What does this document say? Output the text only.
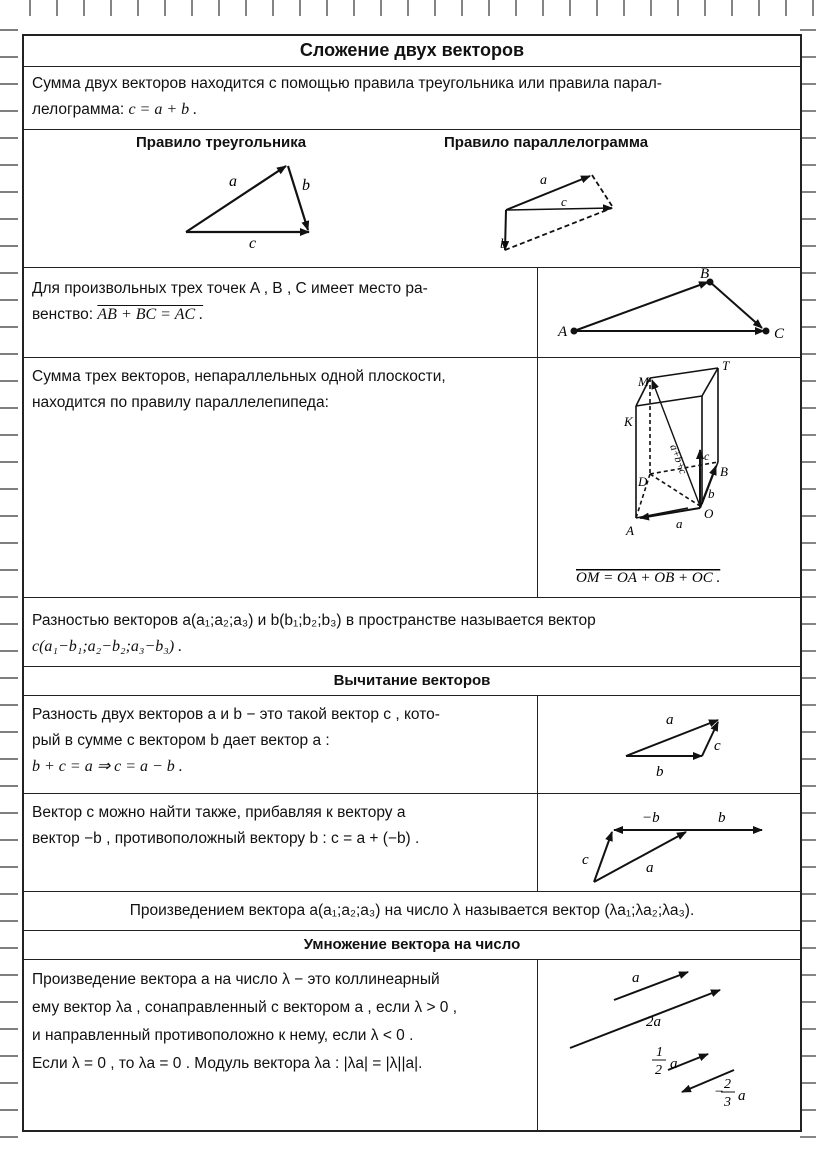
Сложение двух векторов
Сумма двух векторов находится с помощью правила треугольника или правила парал-
лелограмма: c = a + b .
Правило треугольника	Правило параллелограмма
a	b
c
a
b
c
Для произвольных трех точек A , B , C имеет место ра-
венство: AB + BC = AC .
A
B
C
Сумма трех векторов, непараллельных одной плоскости,
находится по правилу параллелепипеда:
M
T
K
D
B
O
A	a
b
c
a+b+c
OM = OA + OB + OC .
Разностью векторов a(a₁;a₂;a₃) и b(b₁;b₂;b₃) в пространстве называется вектор
c(a₁−b₁;a₂−b₂;a₃−b₃) .
Вычитание векторов
Разность двух векторов a и b − это такой вектор c , кото-
рый в сумме с вектором b дает вектор a :
b + c = a ⇒ c = a − b .
a
b
c
Вектор c можно найти также, прибавляя к вектору a
вектор −b , противоположный вектору b : c = a + (−b) .
−b	b
c	a
Произведением вектора a(a₁;a₂;a₃) на число λ называется вектор (λa₁;λa₂;λa₃).
Умножение вектора на число
Произведение вектора a на число λ − это коллинеарный
ему вектор λa , сонаправленный с вектором a , если λ > 0 ,
и направленный противоположно к нему, если λ < 0 .
Если λ = 0 , то λa = 0 . Модуль вектора λa : |λa| = |λ||a|.
a
2a
1
2 a
− 2
3 a
